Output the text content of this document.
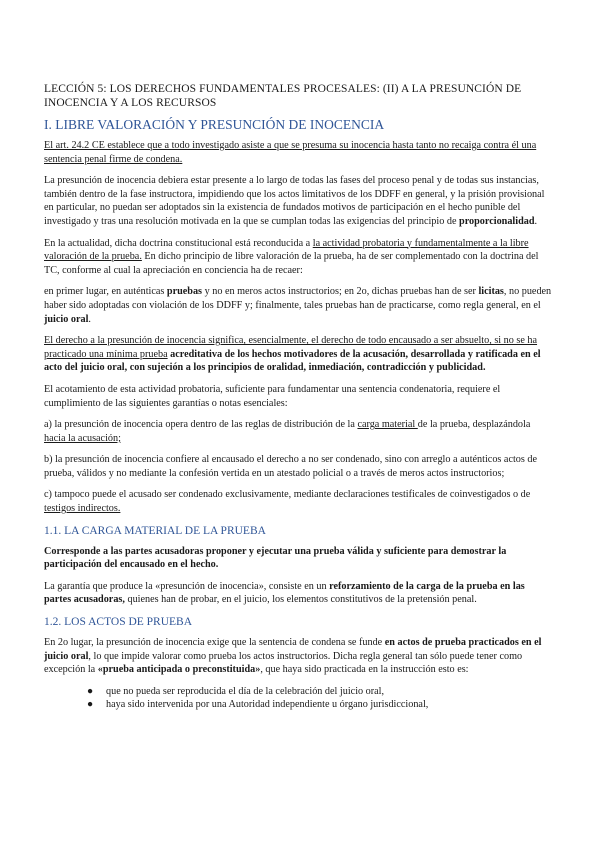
LECCIÓN 5: LOS DERECHOS FUNDAMENTALES PROCESALES: (II) A LA PRESUNCIÓN DE
INOCENCIA Y A LOS RECURSOS
I. LIBRE VALORACIÓN Y PRESUNCIÓN DE INOCENCIA

El art. 24.2 CE establece que a todo investigado asiste a que se presuma su inocencia hasta tanto no recaiga contra él una sentencia penal firme de condena.

La presunción de inocencia debiera estar presente a lo largo de todas las fases del proceso penal y de todas sus instancias, también dentro de la fase instructora, impidiendo que los actos limitativos de los DDFF en general, y la prisión provisional en particular, no puedan ser adoptados sin la existencia de fundados motivos de participación en el hecho punible del investigado y tras una resolución motivada en la que se cumplan todas las exigencias del principio de proporcionalidad.

En la actualidad, dicha doctrina constitucional está reconducida a la actividad probatoria y fundamentalmente a la libre valoración de la prueba. En dicho principio de libre valoración de la prueba, ha de ser complementado con la doctrina del TC, conforme al cual la apreciación en conciencia ha de recaer:

en primer lugar, en auténticas pruebas y no en meros actos instructorios; en 2o, dichas pruebas han de ser licitas, no pueden haber sido adoptadas con violación de los DDFF y; finalmente, tales pruebas han de practicarse, como regla general, en el juicio oral.

El derecho a la presunción de inocencia significa, esencialmente, el derecho de todo encausado a ser absuelto, si no se ha practicado una mínima prueba acreditativa de los hechos motivadores de la acusación, desarrollada y ratificada en el acto del juicio oral, con sujeción a los principios de oralidad, inmediación, contradicción y publicidad.

El acotamiento de esta actividad probatoria, suficiente para fundamentar una sentencia condenatoria, requiere el cumplimiento de las siguientes garantías o notas esenciales:

a) la presunción de inocencia opera dentro de las reglas de distribución de la carga material de la prueba, desplazándola hacia la acusación;

b) la presunción de inocencia confiere al encausado el derecho a no ser condenado, sino con arreglo a auténticos actos de prueba, válidos y no mediante la confesión vertida en un atestado policial o a través de meros actos instructorios;

c) tampoco puede el acusado ser condenado exclusivamente, mediante declaraciones testificales de coinvestigados o de testigos indirectos.

1.1. LA CARGA MATERIAL DE LA PRUEBA

Corresponde a las partes acusadoras proponer y ejecutar una prueba válida y suficiente para demostrar la participación del encausado en el hecho.

La garantía que produce la «presunción de inocencia», consiste en un reforzamiento de la carga de la prueba en las partes acusadoras, quienes han de probar, en el juicio, los elementos constitutivos de la pretensión penal.

1.2. LOS ACTOS DE PRUEBA

En 2o lugar, la presunción de inocencia exige que la sentencia de condena se funde en actos de prueba practicados en el juicio oral, lo que impide valorar como prueba los actos instructorios. Dicha regla general tan sólo puede tener como excepción la «prueba anticipada o preconstituida», que haya sido practicada en la instrucción esto es:

● que no pueda ser reproducida el día de la celebración del juicio oral,
● haya sido intervenida por una Autoridad independiente u órgano jurisdiccional,
